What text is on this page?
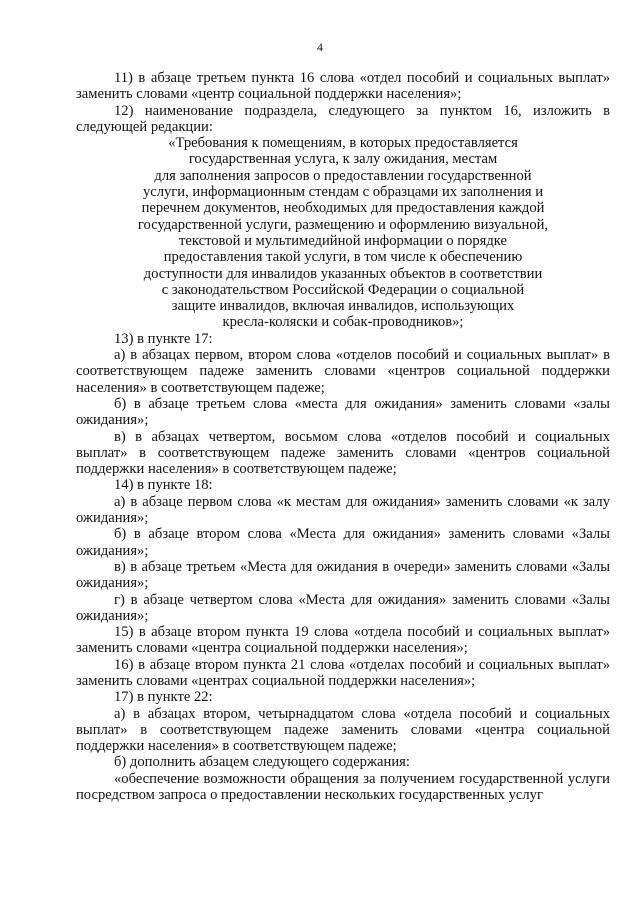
4

11) в абзаце третьем пункта 16 слова «отдел пособий и социальных выплат» заменить словами «центр социальной поддержки населения»;

12) наименование подраздела, следующего за пунктом 16, изложить в следующей редакции:

«Требования к помещениям, в которых предоставляется
государственная услуга, к залу ожидания, местам
для заполнения запросов о предоставлении государственной
услуги, информационным стендам с образцами их заполнения и
перечнем документов, необходимых для предоставления каждой
государственной услуги, размещению и оформлению визуальной,
текстовой и мультимедийной информации о порядке
предоставления такой услуги, в том числе к обеспечению
доступности для инвалидов указанных объектов в соответствии
с законодательством Российской Федерации о социальной
защите инвалидов, включая инвалидов, использующих
кресла-коляски и собак-проводников»;

13) в пункте 17:

а) в абзацах первом, втором слова «отделов пособий и социальных выплат» в соответствующем падеже заменить словами «центров социальной поддержки населения» в соответствующем падеже;

б) в абзаце третьем слова «места для ожидания» заменить словами «залы ожидания»;

в) в абзацах четвертом, восьмом слова «отделов пособий и социальных выплат» в соответствующем падеже заменить словами «центров социальной поддержки населения» в соответствующем падеже;

14) в пункте 18:

а) в абзаце первом слова «к местам для ожидания» заменить словами «к залу ожидания»;

б) в абзаце втором слова «Места для ожидания» заменить словами «Залы ожидания»;

в) в абзаце третьем «Места для ожидания в очереди» заменить словами «Залы ожидания»;

г) в абзаце четвертом слова «Места для ожидания» заменить словами «Залы ожидания»;

15) в абзаце втором пункта 19 слова «отдела пособий и социальных выплат» заменить словами «центра социальной поддержки населения»;

16) в абзаце втором пункта 21 слова «отделах пособий и социальных выплат» заменить словами «центрах социальной поддержки населения»;

17) в пункте 22:

а) в абзацах втором, четырнадцатом слова «отдела пособий и социальных выплат» в соответствующем падеже заменить словами «центра социальной поддержки населения» в соответствующем падеже;

б) дополнить абзацем следующего содержания:

«обеспечение возможности обращения за получением государственной услуги посредством запроса о предоставлении нескольких государственных услуг
